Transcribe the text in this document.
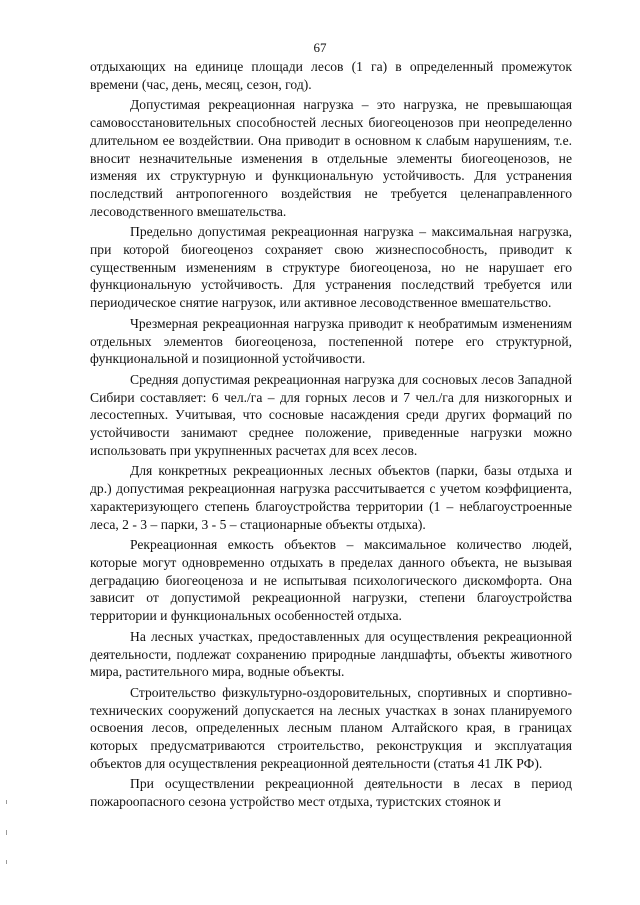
67

отдыхающих на единице площади лесов (1 га) в определенный промежуток времени (час, день, месяц, сезон, год).

Допустимая рекреационная нагрузка – это нагрузка, не превышающая самовосстановительных способностей лесных биогеоценозов при неопределенно длительном ее воздействии. Она приводит в основном к слабым нарушениям, т.е. вносит незначительные изменения в отдельные элементы биогеоценозов, не изменяя их структурную и функциональную устойчивость. Для устранения последствий антропогенного воздействия не требуется целенаправленного лесоводственного вмешательства.

Предельно допустимая рекреационная нагрузка – максимальная нагрузка, при которой биогеоценоз сохраняет свою жизнеспособность, приводит к существенным изменениям в структуре биогеоценоза, но не нарушает его функциональную устойчивость. Для устранения последствий требуется или периодическое снятие нагрузок, или активное лесоводственное вмешательство.

Чрезмерная рекреационная нагрузка приводит к необратимым изменениям отдельных элементов биогеоценоза, постепенной потере его структурной, функциональной и позиционной устойчивости.

Средняя допустимая рекреационная нагрузка для сосновых лесов Западной Сибири составляет: 6 чел./га – для горных лесов и 7 чел./га для низкогорных и лесостепных. Учитывая, что сосновые насаждения среди других формаций по устойчивости занимают среднее положение, приведенные нагрузки можно использовать при укрупненных расчетах для всех лесов.

Для конкретных рекреационных лесных объектов (парки, базы отдыха и др.) допустимая рекреационная нагрузка рассчитывается с учетом коэффициента, характеризующего степень благоустройства территории (1 – неблагоустроенные леса, 2 - 3 – парки, 3 - 5 – стационарные объекты отдыха).

Рекреационная емкость объектов – максимальное количество людей, которые могут одновременно отдыхать в пределах данного объекта, не вызывая деградацию биогеоценоза и не испытывая психологического дискомфорта. Она зависит от допустимой рекреационной нагрузки, степени благоустройства территории и функциональных особенностей отдыха.

На лесных участках, предоставленных для осуществления рекреационной деятельности, подлежат сохранению природные ландшафты, объекты животного мира, растительного мира, водные объекты.

Строительство физкультурно-оздоровительных, спортивных и спортивно-технических сооружений допускается на лесных участках в зонах планируемого освоения лесов, определенных лесным планом Алтайского края, в границах которых предусматриваются строительство, реконструкция и эксплуатация объектов для осуществления рекреационной деятельности (статья 41 ЛК РФ).

При осуществлении рекреационной деятельности в лесах в период пожароопасного сезона устройство мест отдыха, туристских стоянок и
